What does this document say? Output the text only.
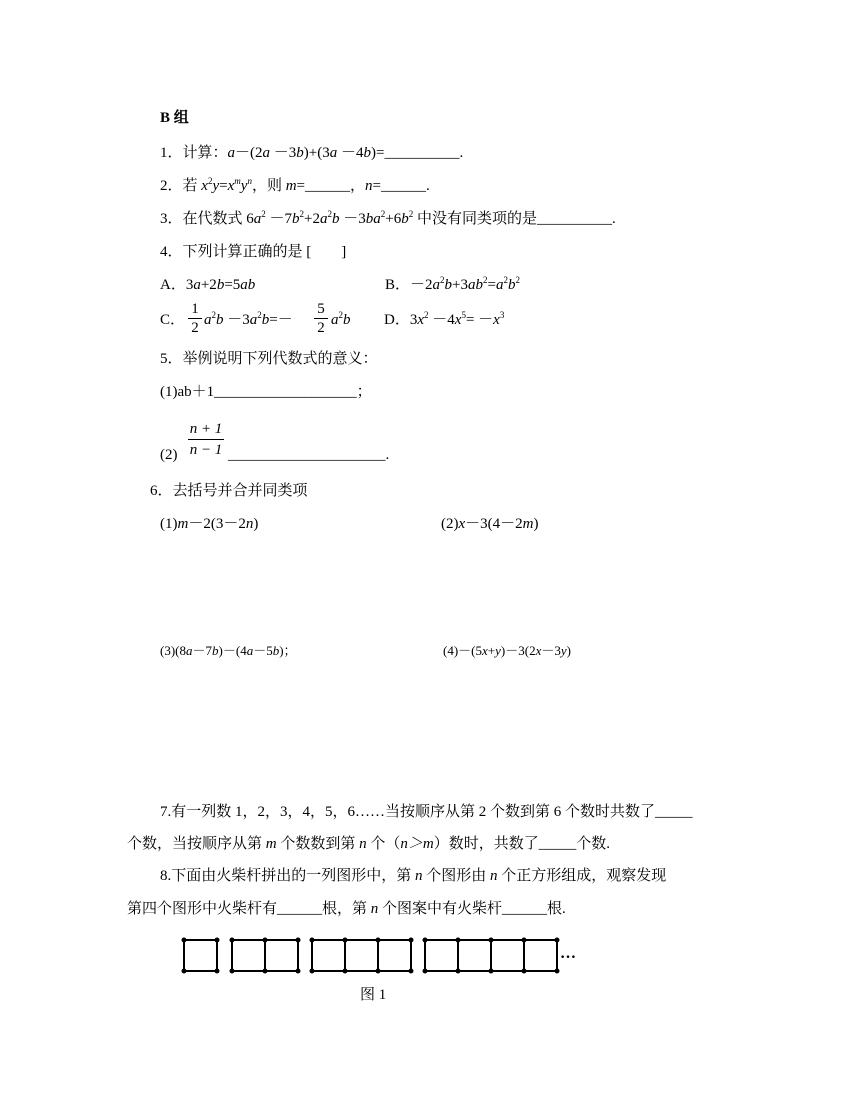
B 组
1．计算：a－(2a －3b)+(3a －4b)=__________.
2．若 $x^2y=x^my^n$，则 m=______，n=______.
3．在代数式 $6a^2 -7b^2+2a^2b -3ba^2+6b^2$ 中没有同类项的是__________.
4．下列计算正确的是 [　　]
A．3a+2b=5ab	B．$-2a^2b+3ab^2=a^2b^2$
C． $\frac{1}{2} a^2b -3a^2b=- \frac{5}{2} a^2b$ D．$3x^2 -4x^5= -x^3$
5．举例说明下列代数式的意义：
(1)ab＋1___________________；
$(2) \frac{n + 1}{n - 1}$ _____________________.
6．去括号并合并同类项
(1)m－2(3－2n)	(2)x－3(4－2m)
(3)(8a－7b)－(4a－5b)；	(4)－(5x+y)－3(2x－3y)
7.有一列数 1，2，3，4，5，6……当按顺序从第 2 个数到第 6 个数时共数了_____
个数，当按顺序从第 m 个数数到第 n 个（n＞m）数时，共数了_____个数.
8.下面由火柴杆拼出的一列图形中，第 n 个图形由 n 个正方形组成，观察发现
第四个图形中火柴杆有______根，第 n 个图案中有火柴杆______根.
…
图 1
